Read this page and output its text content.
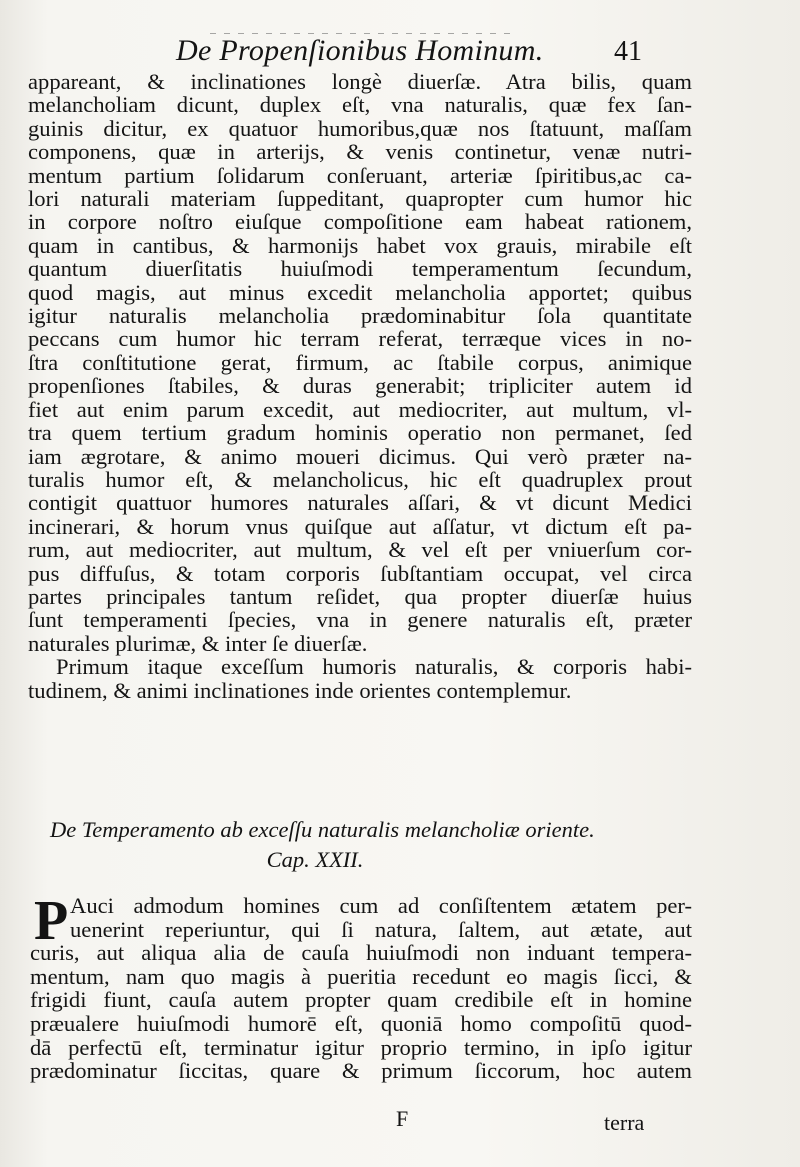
De Propenſionibus Hominum.	41
appareant, & inclinationes longè diuerſæ. Atra bilis, quam
melancholiam dicunt, duplex eſt, vna naturalis, quæ fex ſan-
guinis dicitur, ex quatuor humoribus,quæ nos ſtatuunt, maſſam
componens, quæ in arterijs, & venis continetur, venæ nutri-
mentum partium ſolidarum conſeruant, arteriæ ſpiritibus,ac ca-
lori naturali materiam ſuppeditant, quapropter cum humor hic
in corpore noſtro eiuſque compoſitione eam habeat rationem,
quam in cantibus, & harmonijs habet vox grauis, mirabile eſt
quantum diuerſitatis huiuſmodi temperamentum ſecundum,
quod magis, aut minus excedit melancholia apportet; quibus
igitur naturalis melancholia prædominabitur ſola quantitate
peccans cum humor hic terram referat, terræque vices in no-
ſtra conſtitutione gerat, firmum, ac ſtabile corpus, animique
propenſiones ſtabiles, & duras generabit; tripliciter autem id
fiet aut enim parum excedit, aut mediocriter, aut multum, vl-
tra quem tertium gradum hominis operatio non permanet, ſed
iam ægrotare, & animo moueri dicimus. Qui verò præter na-
turalis humor eſt, & melancholicus, hic eſt quadruplex prout
contigit quattuor humores naturales aſſari, & vt dicunt Medici
incinerari, & horum vnus quiſque aut aſſatur, vt dictum eſt pa-
rum, aut mediocriter, aut multum, & vel eſt per vniuerſum cor-
pus diffuſus, & totam corporis ſubſtantiam occupat, vel circa
partes principales tantum reſidet, qua propter diuerſæ huius
ſunt temperamenti ſpecies, vna in genere naturalis eſt, præter
naturales plurimæ, & inter ſe diuerſæ.
Primum itaque exceſſum humoris naturalis, & corporis habi-
tudinem, & animi inclinationes inde orientes contemplemur.
De Temperamento ab exceſſu naturalis melancholiæ oriente.
Cap. XXII.
P Auci admodum homines cum ad conſiſtentem ætatem per-
uenerint reperiuntur, qui ſi natura, ſaltem, aut ætate, aut
curis, aut aliqua alia de cauſa huiuſmodi non induant tempera-
mentum, nam quo magis à pueritia recedunt eo magis ſicci, &
frigidi fiunt, cauſa autem propter quam credibile eſt in homine
præualere huiuſmodi humorē eſt, quoniā homo compoſitū quod-
dā perfectū eſt, terminatur igitur proprio termino, in ipſo igitur
prædominatur ſiccitas, quare & primum ſiccorum, hoc autem
F	terra
